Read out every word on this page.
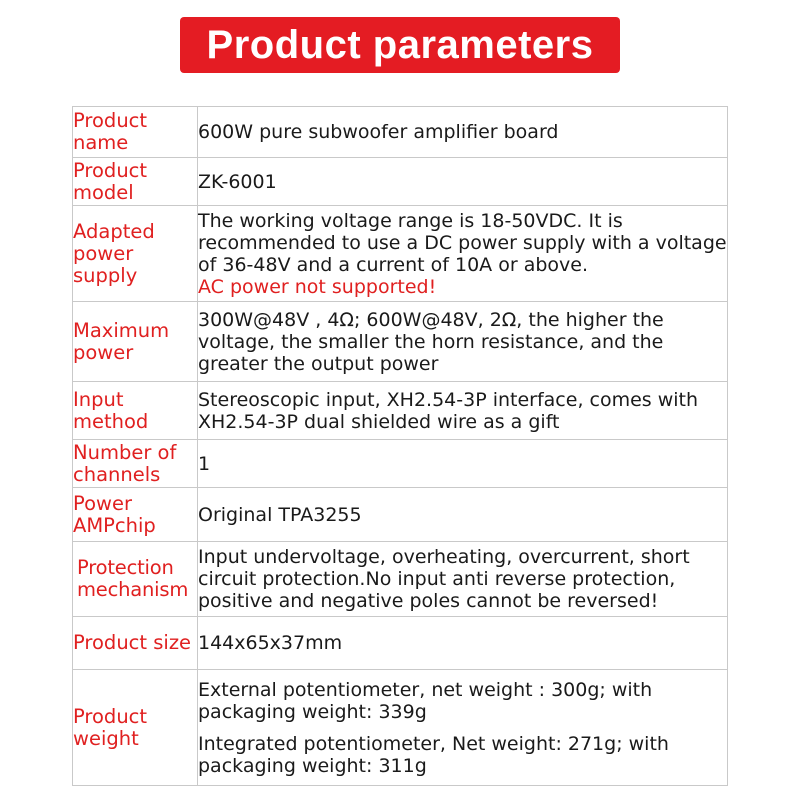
Product parameters
Product name	600W pure subwoofer amplifier board
Product model	ZK-6001
Adapted power supply	The working voltage range is 18-50VDC. It is recommended to use a DC power supply with a voltage of 36-48V and a current of 10A or above.
AC power not supported!

Maximum power	300W@48V , 4Ω; 600W@48V, 2Ω, the higher the voltage, the smaller the horn resistance, and the greater the output power
Input method	Stereoscopic input, XH2.54-3P interface, comes with XH2.54-3P dual shielded wire as a gift
Number of channels	1
Power AMPchip	Original TPA3255
Protection mechanism	Input undervoltage, overheating, overcurrent, short circuit protection.No input anti reverse protection, positive and negative poles cannot be reversed!
Product size	144x65x37mm
Product weight	External potentiometer, net weight : 300g; with packaging weight: 339g
Integrated potentiometer, Net weight: 271g; with packaging weight: 311g
